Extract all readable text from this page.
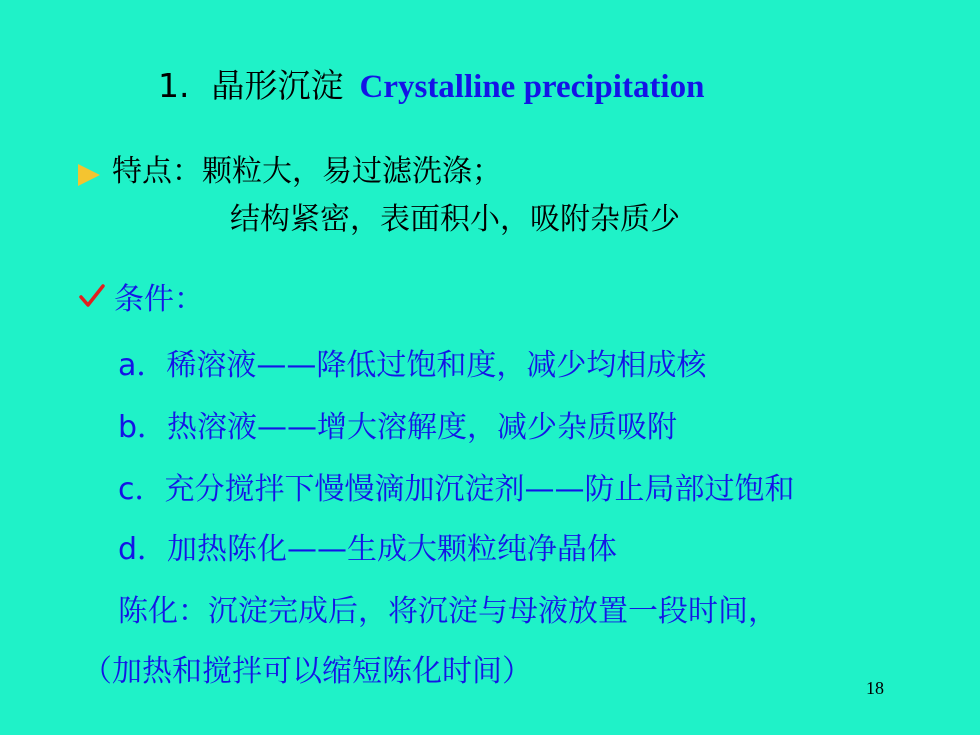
1. 晶形沉淀 Crystalline precipitation
特点：颗粒大，易过滤洗涤；
结构紧密，表面积小，吸附杂质少
条件：
a．稀溶液——降低过饱和度，减少均相成核
b．热溶液——增大溶解度，减少杂质吸附
c．充分搅拌下慢慢滴加沉淀剂——防止局部过饱和
d．加热陈化——生成大颗粒纯净晶体
陈化：沉淀完成后，将沉淀与母液放置一段时间，
（加热和搅拌可以缩短陈化时间）	18
